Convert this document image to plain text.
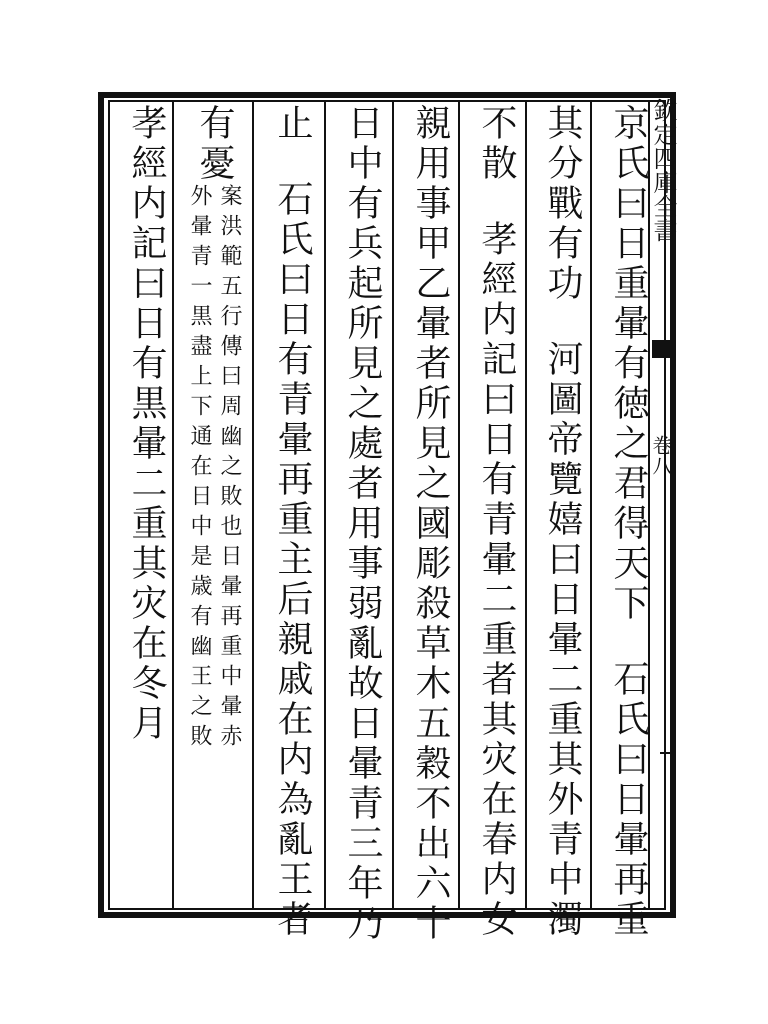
欽定四庫全書
卷八
京氏曰日重暈有徳之君得天下石氏曰日暈再重
其分戰有功河圖帝覽嬉曰日暈二重其外青中濁
不散孝經内記曰日有青暈二重者其灾在春内女
親用事甲乙暈者所見之國彫殺草木五穀不出六十
日中有兵起所見之處者用事弱亂故日暈青三年乃
止石氏曰日有青暈再重主后親戚在内為亂王者
有憂
案洪範五行傳曰周幽之敗也日暈再重中暈赤
外暈青一黒盡上下通在日中是歳有幽王之敗
孝經内記曰日有黒暈二重其灾在冬月
